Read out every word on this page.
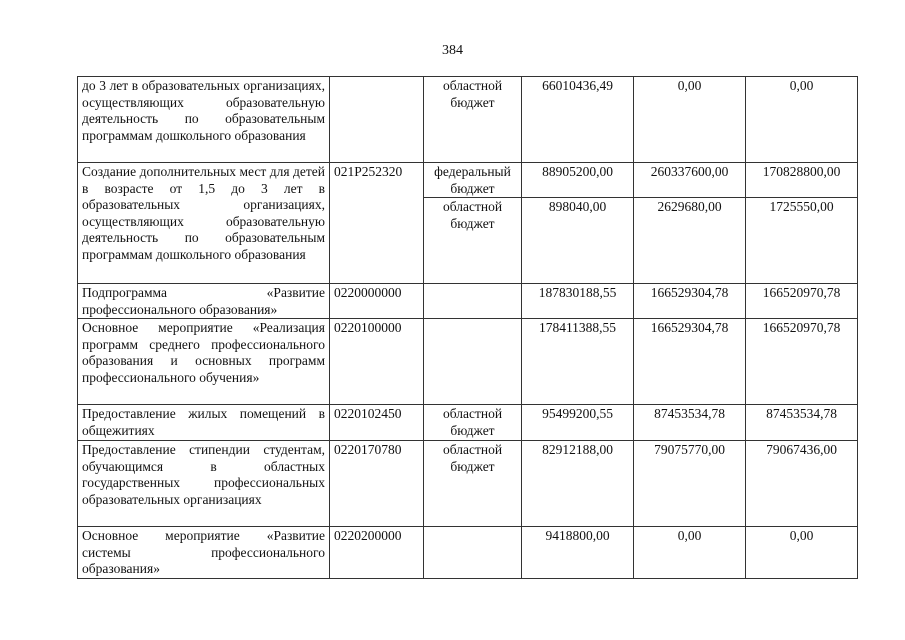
384
до 3 лет в образовательных организациях, осуществляющих образовательную деятельность по образовательным программам дошкольного образования		областной бюджет	66010436,49	0,00	0,00
Создание дополнительных мест для детей в возрасте от 1,5 до 3 лет в образовательных организациях, осуществляющих образовательную деятельность по образовательным программам дошкольного образования	021P252320	федеральный бюджет	88905200,00	260337600,00	170828800,00
		областной бюджет	898040,00	2629680,00	1725550,00
Подпрограмма «Развитие профессионального образования»	0220000000		187830188,55	166529304,78	166520970,78
Основное мероприятие «Реализация программ среднего профессионального образования и основных программ профессионального обучения»	0220100000		178411388,55	166529304,78	166520970,78
Предоставление жилых помещений в общежитиях	0220102450	областной бюджет	95499200,55	87453534,78	87453534,78
Предоставление стипендии студентам, обучающимся в областных государственных профессиональных образовательных организациях	0220170780	областной бюджет	82912188,00	79075770,00	79067436,00
Основное мероприятие «Развитие системы профессионального образования»	0220200000		9418800,00	0,00	0,00
